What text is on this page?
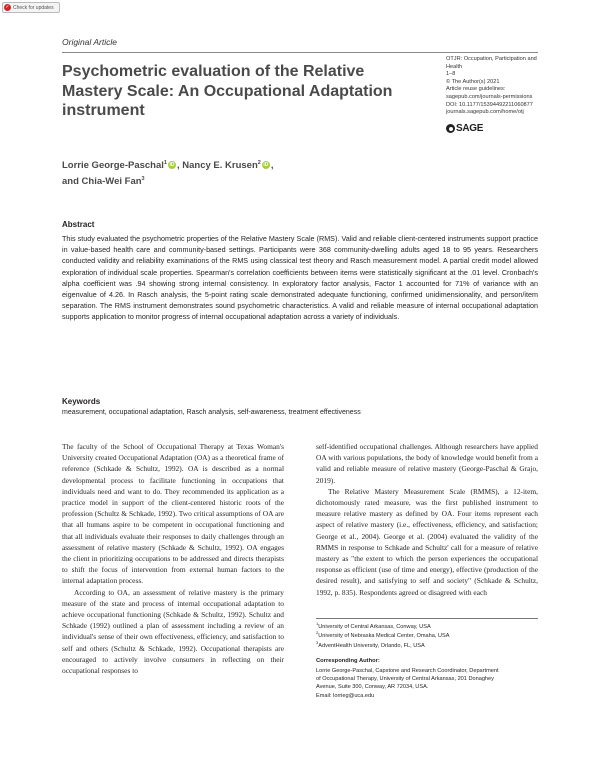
✓ Check for updates
Original Article
Psychometric evaluation of the Relative Mastery Scale: An Occupational Adaptation instrument
OTJR: Occupation, Participation and
Health
1–8
© The Author(s) 2021
Article reuse guidelines:
sagepub.com/journals-permissions
DOI: 10.1177/15394492211060877
journals.sagepub.com/home/otj
SAGE
Lorrie George-Paschal$^1$ iD , Nancy E. Krusen$^2$ iD ,
and Chia-Wei Fan$^3$
Abstract

This study evaluated the psychometric properties of the Relative Mastery Scale (RMS). Valid and reliable client-centered instruments support practice in value-based health care and community-based settings. Participants were 368 community-dwelling adults aged 18 to 95 years. Researchers conducted validity and reliability examinations of the RMS using classical test theory and Rasch measurement model. A partial credit model allowed exploration of individual scale properties. Spearman's correlation coefficients between items were statistically significant at the .01 level. Cronbach's alpha coefficient was .94 showing strong internal consistency. In exploratory factor analysis, Factor 1 accounted for 71% of variance with an eigenvalue of 4.26. In Rasch analysis, the 5-point rating scale demonstrated adequate functioning, confirmed unidimensionality, and person/item separation. The RMS instrument demonstrates sound psychometric characteristics. A valid and reliable measure of internal occupational adaptation supports application to monitor progress of internal occupational adaptation across a variety of individuals.

Keywords
measurement, occupational adaptation, Rasch analysis, self-awareness, treatment effectiveness

The faculty of the School of Occupational Therapy at Texas Woman's University created Occupational Adaptation (OA) as a theoretical frame of reference (Schkade & Schultz, 1992). OA is described as a normal developmental process to facilitate functioning in occupations that individuals need and want to do. They recommended its application as a practice model in support of the client-centered historic roots of the profession (Schultz & Schkade, 1992). Two critical assumptions of OA are that all humans aspire to be competent in occupational functioning and that all individuals evaluate their responses to daily challenges through an assessment of relative mastery (Schkade & Schultz, 1992). OA engages the client in prioritizing occupations to be addressed and directs therapists to shift the focus of intervention from external human factors to the internal adaptation process.

According to OA, an assessment of relative mastery is the primary measure of the state and process of internal occupational adaptation to achieve occupational functioning (Schkade & Schultz, 1992). Schultz and Schkade (1992) outlined a plan of assessment including a review of an individual's sense of their own effectiveness, efficiency, and satisfaction to self and others (Schultz & Schkade, 1992). Occupational therapists are encouraged to actively involve consumers in reflecting on their occupational responses to

self-identified occupational challenges. Although researchers have applied OA with various populations, the body of knowledge would benefit from a valid and reliable measure of relative mastery (George-Paschal & Grajo, 2019).

The Relative Mastery Measurement Scale (RMMS), a 12-item, dichotomously rated measure, was the first published instrument to measure relative mastery as defined by OA. Four items represent each aspect of relative mastery (i.e., effectiveness, efficiency, and satisfaction; George et al., 2004). George et al. (2004) evaluated the validity of the RMMS in response to Schkade and Schultz' call for a measure of relative mastery as "the extent to which the person experiences the occupational response as efficient (use of time and energy), effective (production of the desired result), and satisfying to self and society" (Schkade & Schultz, 1992, p. 835). Respondents agreed or disagreed with each

$^1$University of Central Arkansas, Conway, USA
$^2$University of Nebraska Medical Center, Omaha, USA
$^3$AdventHealth University, Orlando, FL, USA
Corresponding Author:
Lorrie George-Paschal, Capstone and Research Coordinator, Department
of Occupational Therapy, University of Central Arkansas, 201 Donaghey
Avenue, Suite 300, Conway, AR 72034, USA.
Email: lorrieg@uca.edu
